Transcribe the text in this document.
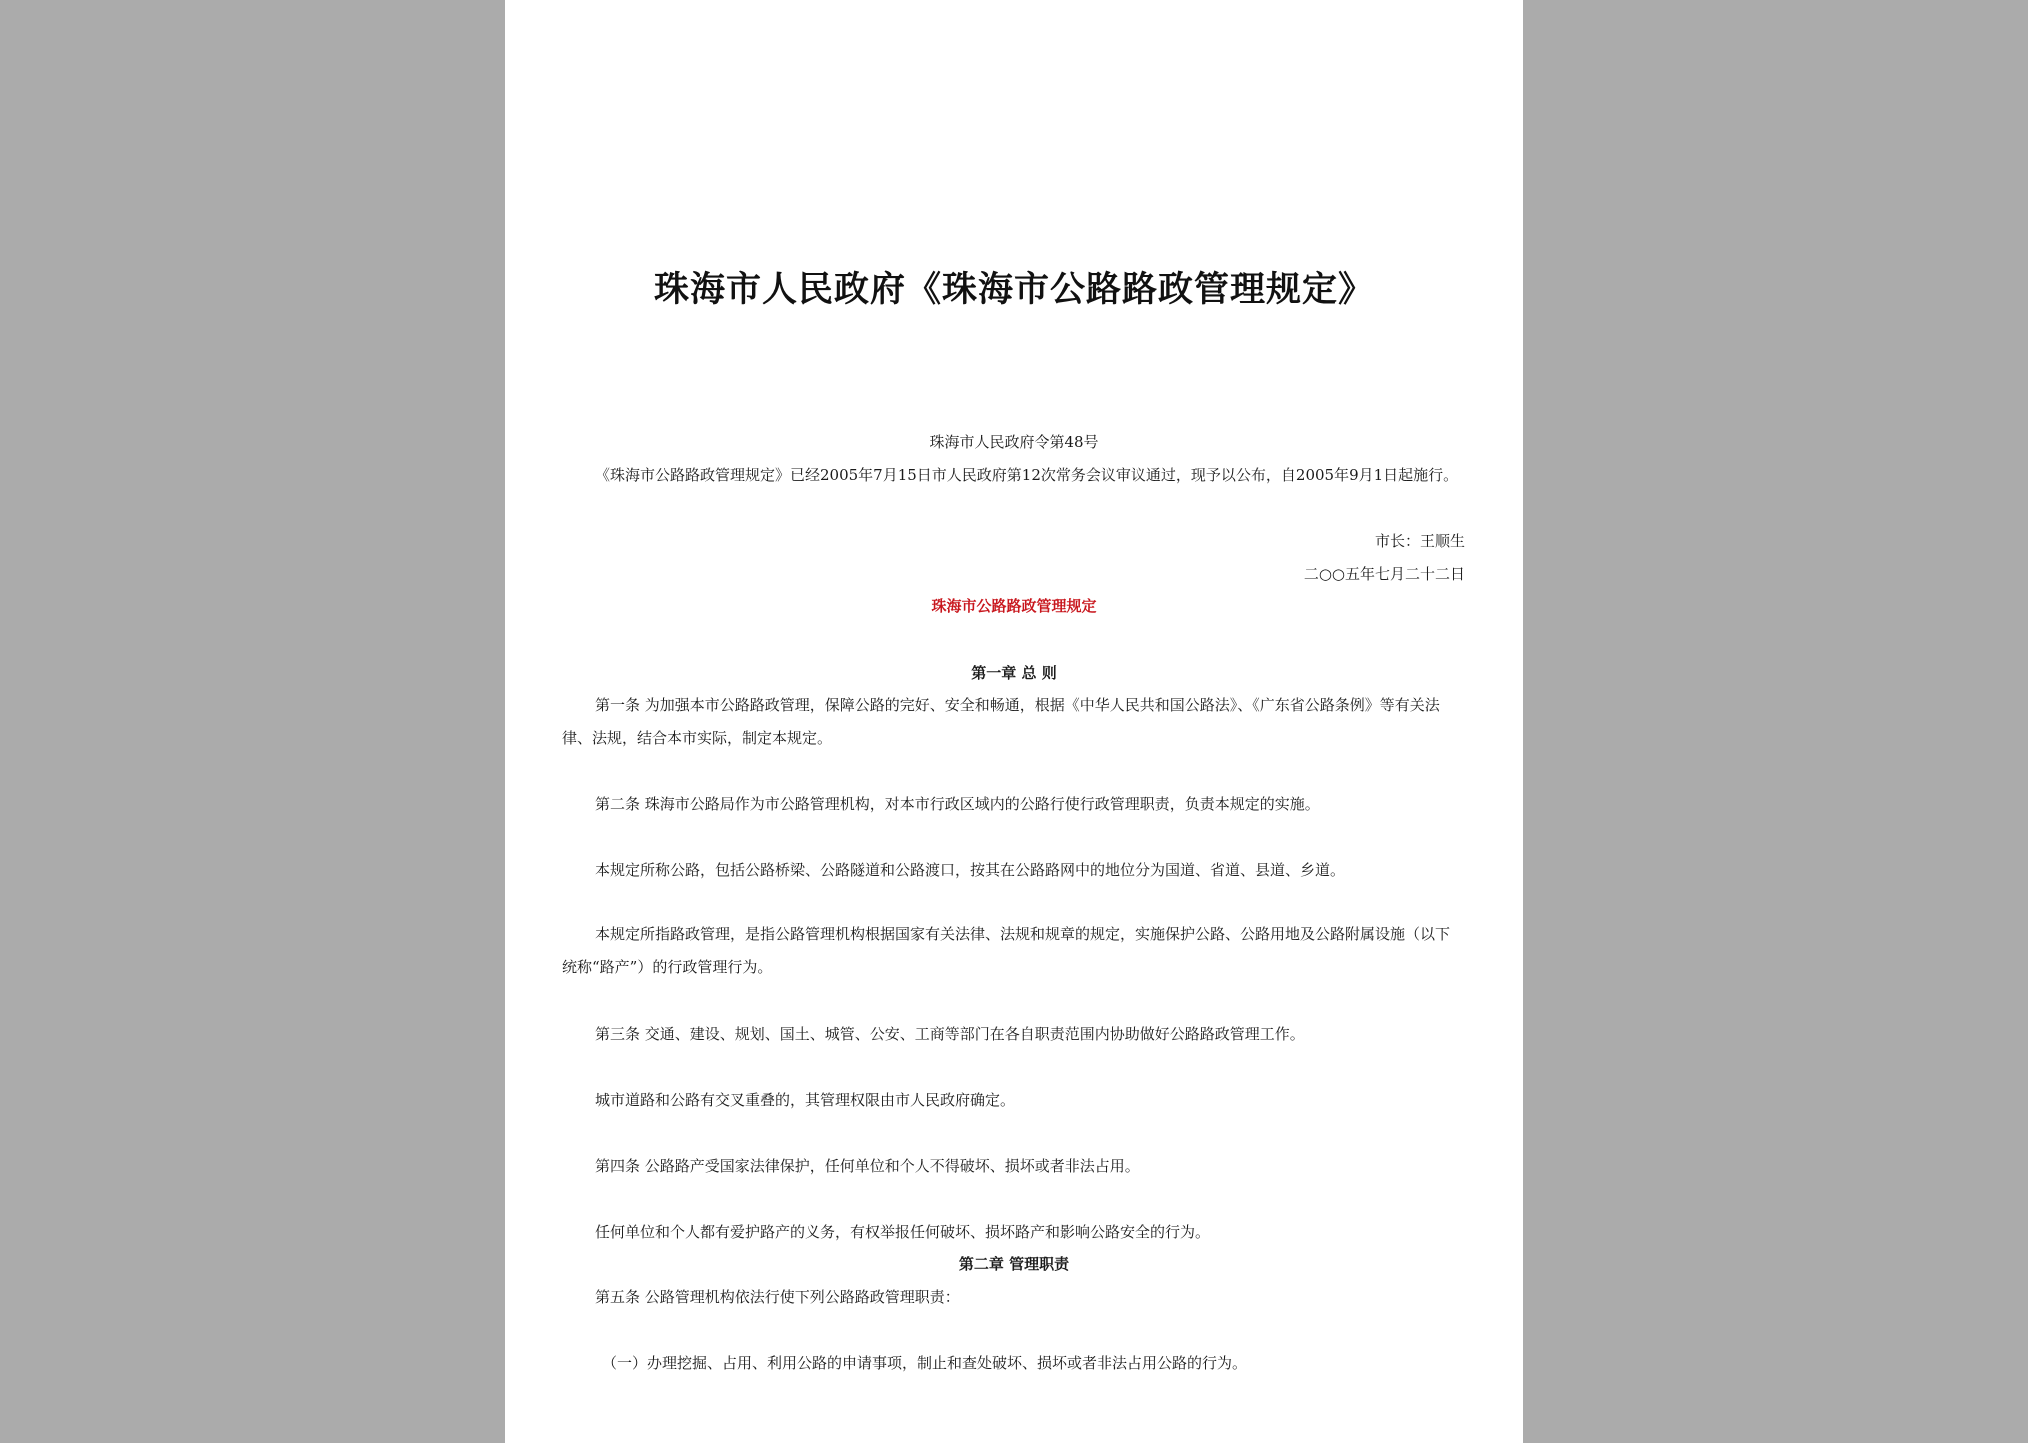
珠海市人民政府《珠海市公路路政管理规定》
珠海市人民政府令第48号
《珠海市公路路政管理规定》已经2005年7月15日市人民政府第12次常务会议审议通过，现予以公布，自2005年9月1日起施行。
市长：王顺生
二○○五年七月二十二日
珠海市公路路政管理规定
第一章 总 则
第一条 为加强本市公路路政管理，保障公路的完好、安全和畅通，根据《中华人民共和国公路法》、《广东省公路条例》等有关法律、法规，结合本市实际，制定本规定。
第二条 珠海市公路局作为市公路管理机构，对本市行政区域内的公路行使行政管理职责，负责本规定的实施。
本规定所称公路，包括公路桥梁、公路隧道和公路渡口，按其在公路路网中的地位分为国道、省道、县道、乡道。
本规定所指路政管理，是指公路管理机构根据国家有关法律、法规和规章的规定，实施保护公路、公路用地及公路附属设施（以下统称“路产”）的行政管理行为。
第三条 交通、建设、规划、国土、城管、公安、工商等部门在各自职责范围内协助做好公路路政管理工作。
城市道路和公路有交叉重叠的，其管理权限由市人民政府确定。
第四条 公路路产受国家法律保护，任何单位和个人不得破坏、损坏或者非法占用。
任何单位和个人都有爱护路产的义务，有权举报任何破坏、损坏路产和影响公路安全的行为。
第二章 管理职责
第五条 公路管理机构依法行使下列公路路政管理职责：
（一）办理挖掘、占用、利用公路的申请事项，制止和查处破坏、损坏或者非法占用公路的行为。
